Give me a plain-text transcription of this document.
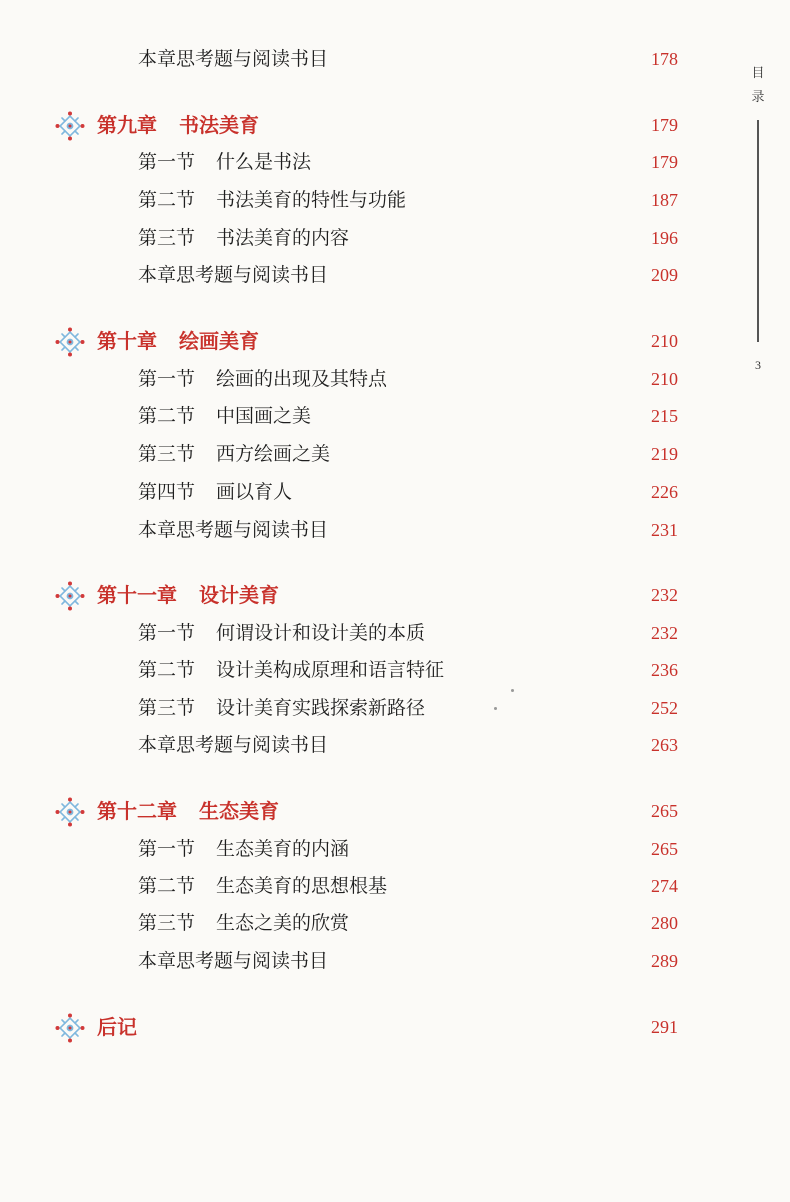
本章思考题与阅读书目	178
第九章 书法美育	179
第一节 什么是书法	179
第二节 书法美育的特性与功能	187
第三节 书法美育的内容	196
本章思考题与阅读书目	209
第十章 绘画美育	210
第一节 绘画的出现及其特点	210
第二节 中国画之美	215
第三节 西方绘画之美	219
第四节 画以育人	226
本章思考题与阅读书目	231
第十一章 设计美育	232
第一节 何谓设计和设计美的本质	232
第二节 设计美构成原理和语言特征	236
第三节 设计美育实践探索新路径	252
本章思考题与阅读书目	263
第十二章 生态美育	265
第一节 生态美育的内涵	265
第二节 生态美育的思想根基	274
第三节 生态之美的欣赏	280
本章思考题与阅读书目	289
后记	291
目录
3
